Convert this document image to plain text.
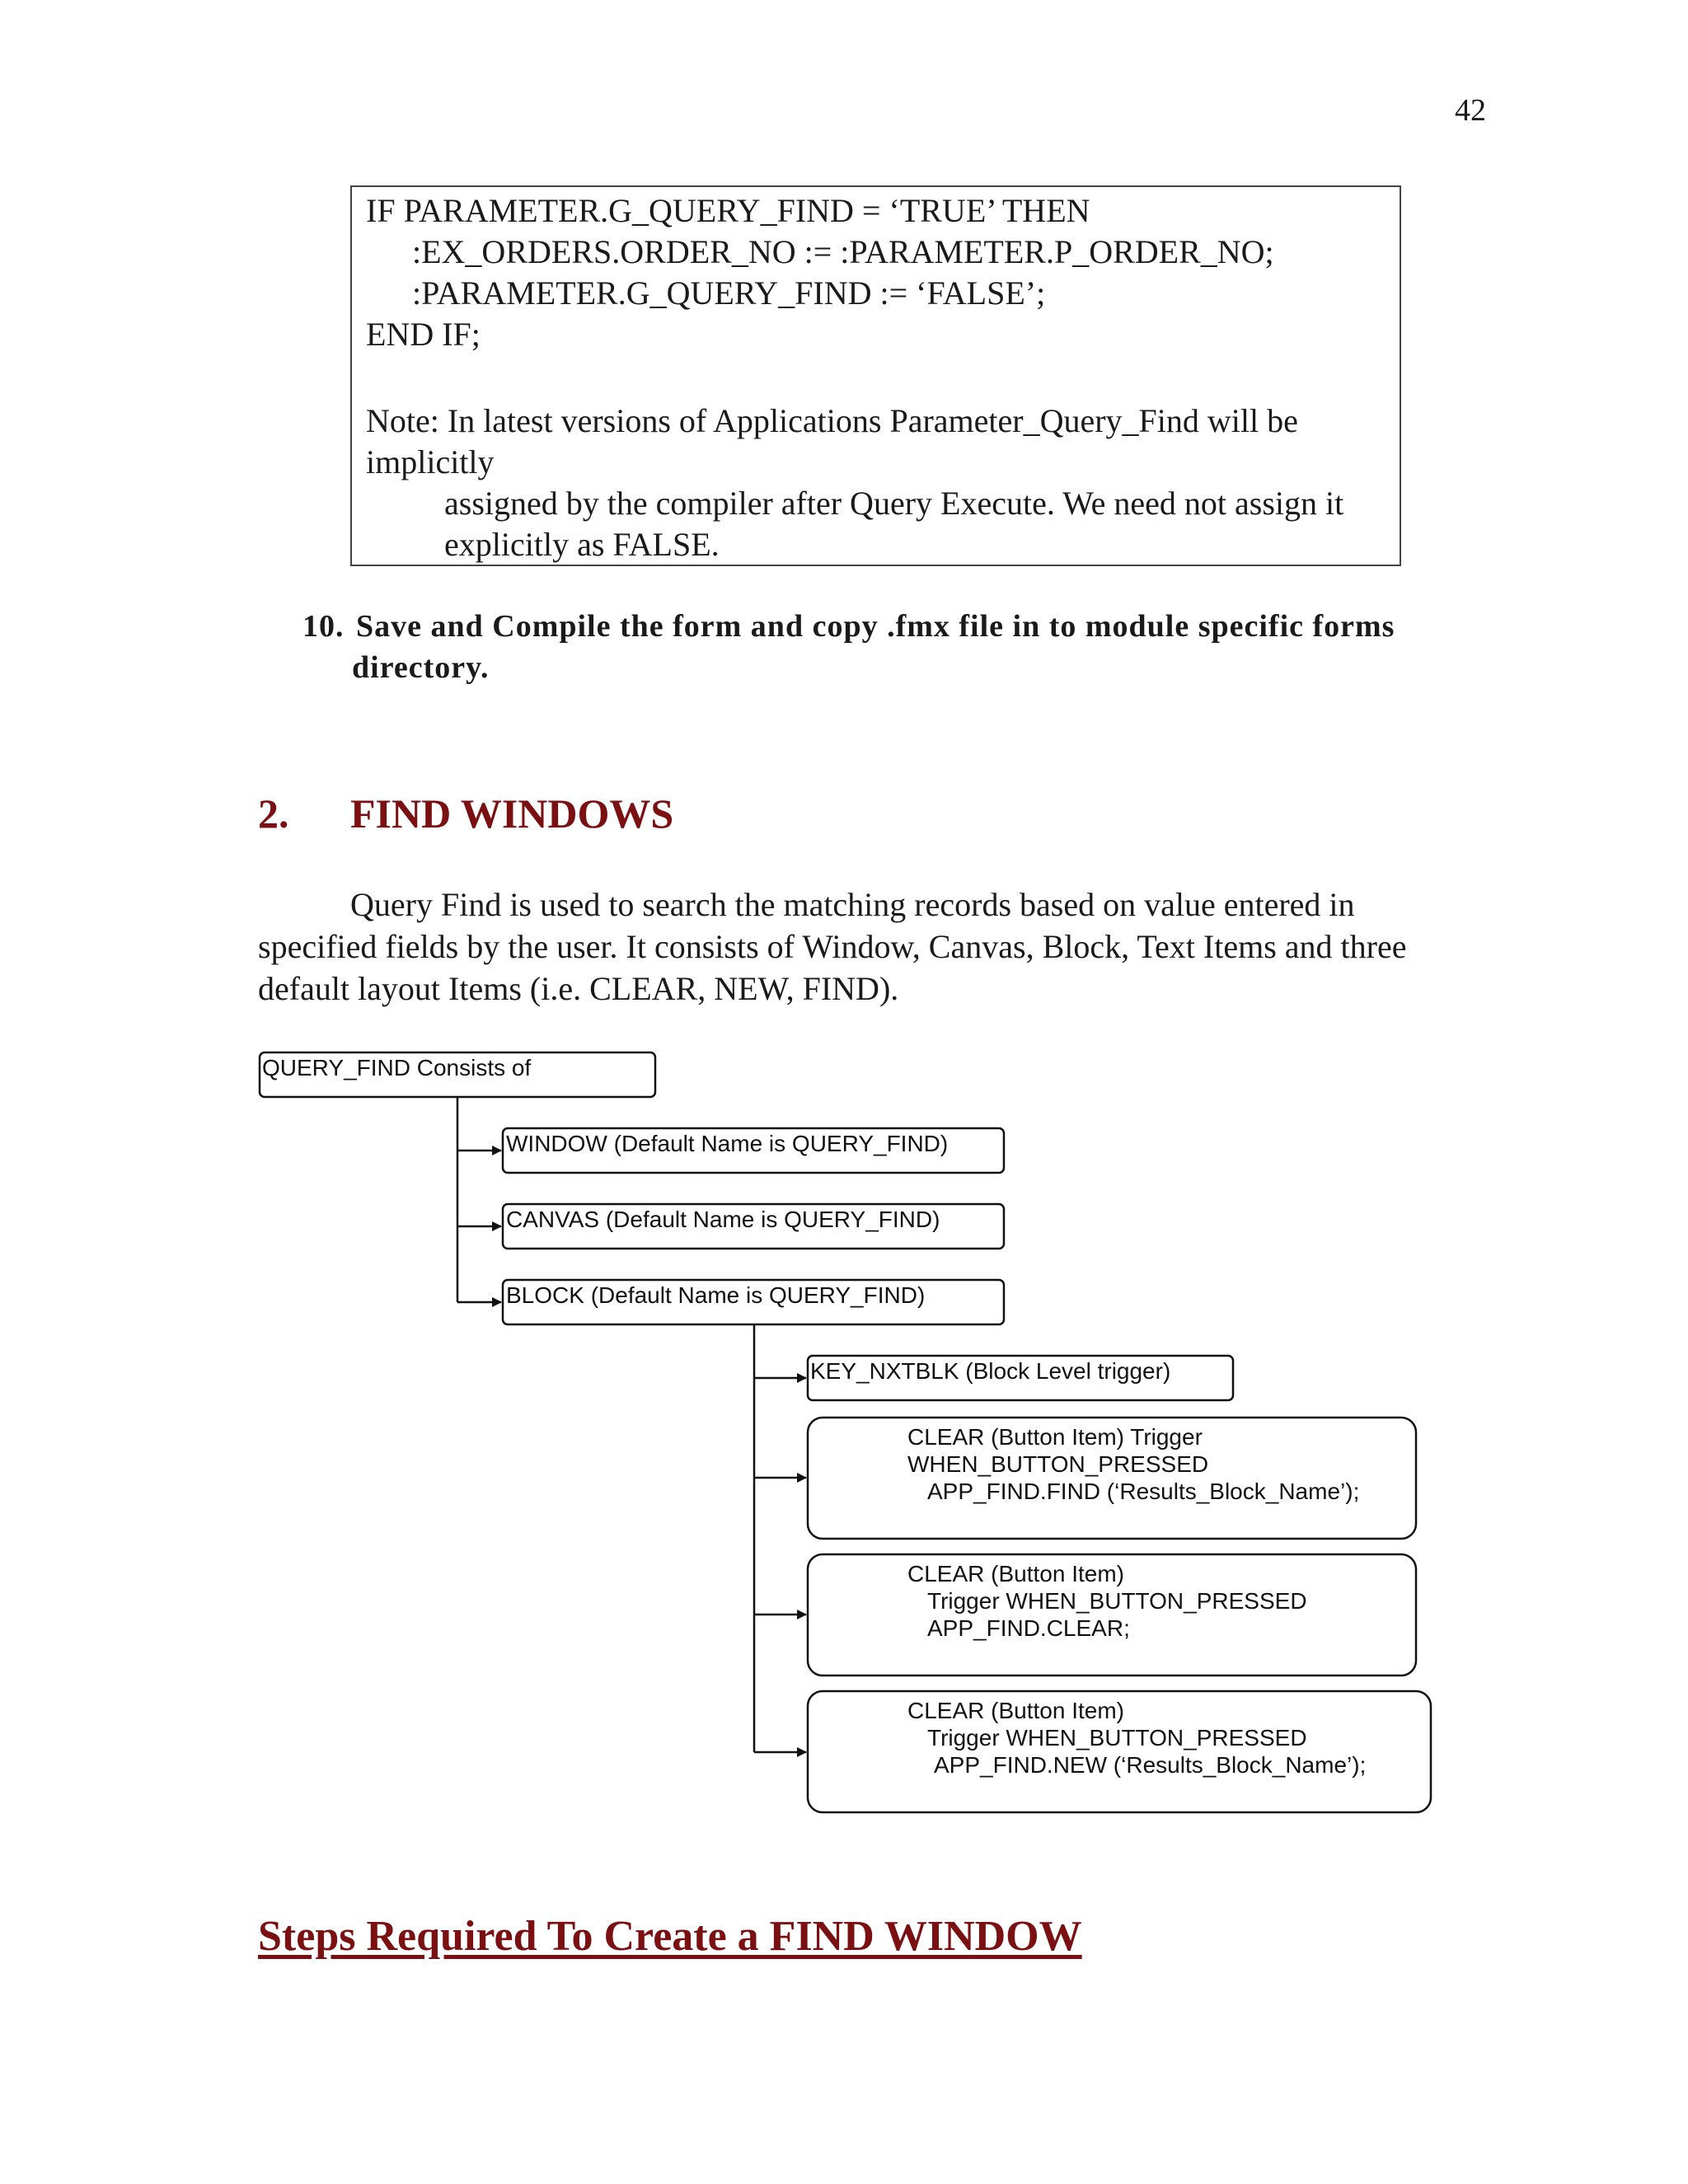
42
IF PARAMETER.G_QUERY_FIND = ‘TRUE’ THEN
:EX_ORDERS.ORDER_NO := :PARAMETER.P_ORDER_NO;
:PARAMETER.G_QUERY_FIND := ‘FALSE’;
END IF;
Note: In latest versions of Applications Parameter_Query_Find will be
implicitly
assigned by the compiler after Query Execute. We need not assign it
explicitly as FALSE.
10. Save and Compile the form and copy .fmx file in to module specific forms
directory.
2. FIND WINDOWS
Query Find is used to search the matching records based on value entered in
specified fields by the user. It consists of Window, Canvas, Block, Text Items and three
default layout Items (i.e. CLEAR, NEW, FIND).
QUERY_FIND Consists of
WINDOW (Default Name is QUERY_FIND)
CANVAS (Default Name is QUERY_FIND)
BLOCK (Default Name is QUERY_FIND)
KEY_NXTBLK (Block Level trigger)
CLEAR (Button Item) Trigger
WHEN_BUTTON_PRESSED
APP_FIND.FIND (‘Results_Block_Name’);
CLEAR (Button Item)
Trigger WHEN_BUTTON_PRESSED
APP_FIND.CLEAR;
CLEAR (Button Item)
Trigger WHEN_BUTTON_PRESSED
APP_FIND.NEW (‘Results_Block_Name’);
Steps Required To Create a FIND WINDOW
